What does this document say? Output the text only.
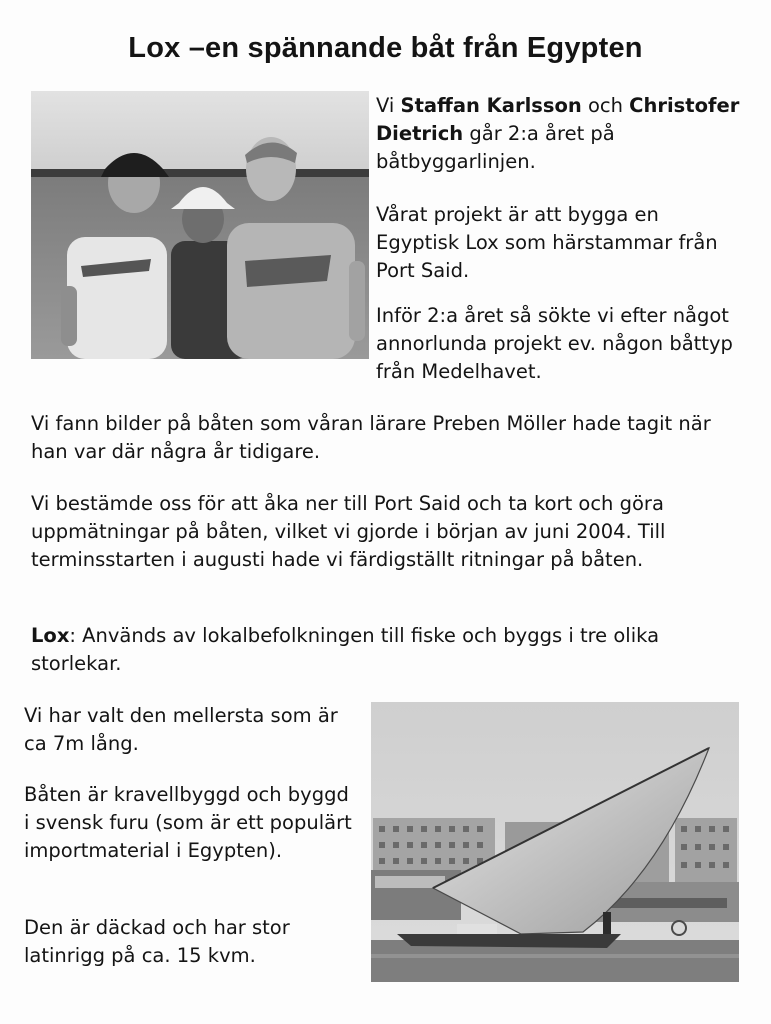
Lox –en spännande båt från Egypten

Vi Staffan Karlsson och Christofer Dietrich går 2:a året på båtbyggarlinjen.

Vårat projekt är att bygga en Egyptisk Lox som härstammar från Port Said.

Inför 2:a året så sökte vi efter något annorlunda projekt ev. någon båttyp från Medelhavet.

Vi fann bilder på båten som våran lärare Preben Möller hade tagit när han var där några år tidigare.

Vi bestämde oss för att åka ner till Port Said och ta kort och göra uppmätningar på båten, vilket vi gjorde i början av juni 2004. Till terminsstarten i augusti hade vi färdigställt ritningar på båten.

Lox: Används av lokalbefolkningen till fiske och byggs i tre olika storlekar.

Vi har valt den mellersta som är ca 7m lång.

Båten är kravellbyggd och byggd i svensk furu (som är ett populärt importmaterial i Egypten).

Den är däckad och har stor latinrigg på ca. 15 kvm.
